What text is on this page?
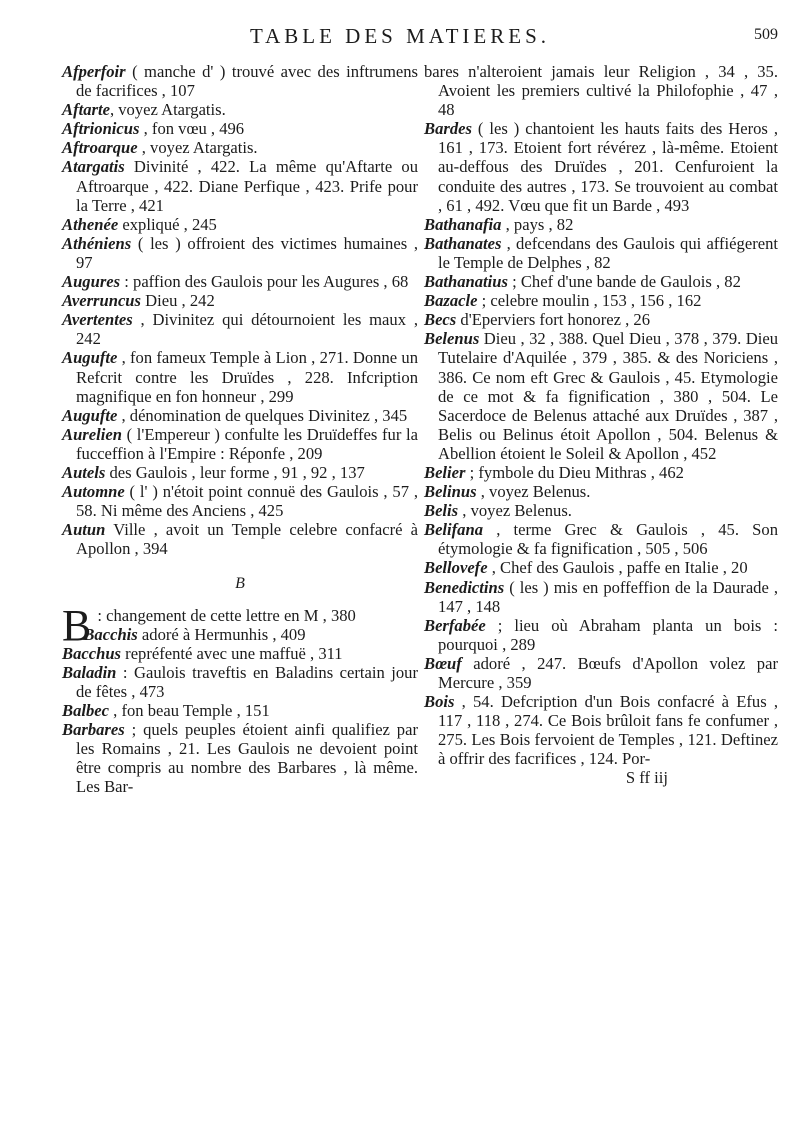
TABLE DES MATIERES.	509

Afperfoir ( manche d' ) trouvé avec des inftrumens de facrifices , 107

Aftarte, voyez Atargatis.

Aftrionicus , fon vœu , 496

Aftroarque , voyez Atargatis.

Atargatis Divinité , 422. La même qu'Aftarte ou Aftroarque , 422. Diane Perfique , 423. Prife pour la Terre , 421

Athenée expliqué , 245

Athéniens ( les ) offroient des victimes humaines , 97

Augures : paffion des Gaulois pour les Augures , 68

Averruncus Dieu , 242

Avertentes , Divinitez qui détournoient les maux , 242

Augufte , fon fameux Temple à Lion , 271. Donne un Refcrit contre les Druïdes , 228. Infcription magnifique en fon honneur , 299

Augufte , dénomination de quelques Divinitez , 345

Aurelien ( l'Empereur ) confulte les Druïdeffes fur la fucceffion à l'Empire : Réponfe , 209

Autels des Gaulois , leur forme , 91 , 92 , 137

Automne ( l' ) n'étoit point connuë des Gaulois , 57 , 58. Ni même des Anciens , 425

Autun Ville , avoit un Temple celebre confacré à Apollon , 394

B

B : changement de cette lettre en M , 380

Bacchis adoré à Hermunhis , 409

Bacchus repréfenté avec une maffuë , 311

Baladin : Gaulois traveftis en Baladins certain jour de fêtes , 473

Balbec , fon beau Temple , 151

Barbares ; quels peuples étoient ainfi qualifiez par les Romains , 21. Les Gaulois ne devoient point être compris au nombre des Barbares , là même. Les Bar-

bares n'alteroient jamais leur Religion , 34 , 35. Avoient les premiers cultivé la Philofophie , 47 , 48

Bardes ( les ) chantoient les hauts faits des Heros , 161 , 173. Etoient fort révérez , là-même. Etoient au-deffous des Druïdes , 201. Cenfuroient la conduite des autres , 173. Se trouvoient au combat , 61 , 492. Vœu que fit un Barde , 493

Bathanafia , pays , 82

Bathanates , defcendans des Gaulois qui affiégerent le Temple de Delphes , 82

Bathanatius ; Chef d'une bande de Gaulois , 82

Bazacle ; celebre moulin , 153 , 156 , 162

Becs d'Eperviers fort honorez , 26

Belenus Dieu , 32 , 388. Quel Dieu , 378 , 379. Dieu Tutelaire d'Aquilée , 379 , 385. & des Noriciens , 386. Ce nom eft Grec & Gaulois , 45. Etymologie de ce mot & fa fignification , 380 , 504. Le Sacerdoce de Belenus attaché aux Druïdes , 387 , Belis ou Belinus étoit Apollon , 504. Belenus & Abellion étoient le Soleil & Apollon , 452

Belier ; fymbole du Dieu Mithras , 462

Belinus , voyez Belenus.

Belis , voyez Belenus.

Belifana , terme Grec & Gaulois , 45. Son étymologie & fa fignification , 505 , 506

Bellovefe , Chef des Gaulois , paffe en Italie , 20

Benedictins ( les ) mis en poffeffion de la Daurade , 147 , 148

Berfabée ; lieu où Abraham planta un bois : pourquoi , 289

Bœuf adoré , 247. Bœufs d'Apollon volez par Mercure , 359

Bois , 54. Defcription d'un Bois confacré à Efus , 117 , 118 , 274. Ce Bois brûloit fans fe confumer , 275. Les Bois fervoient de Temples , 121. Deftinez à offrir des facrifices , 124. Por-

S ff iij
